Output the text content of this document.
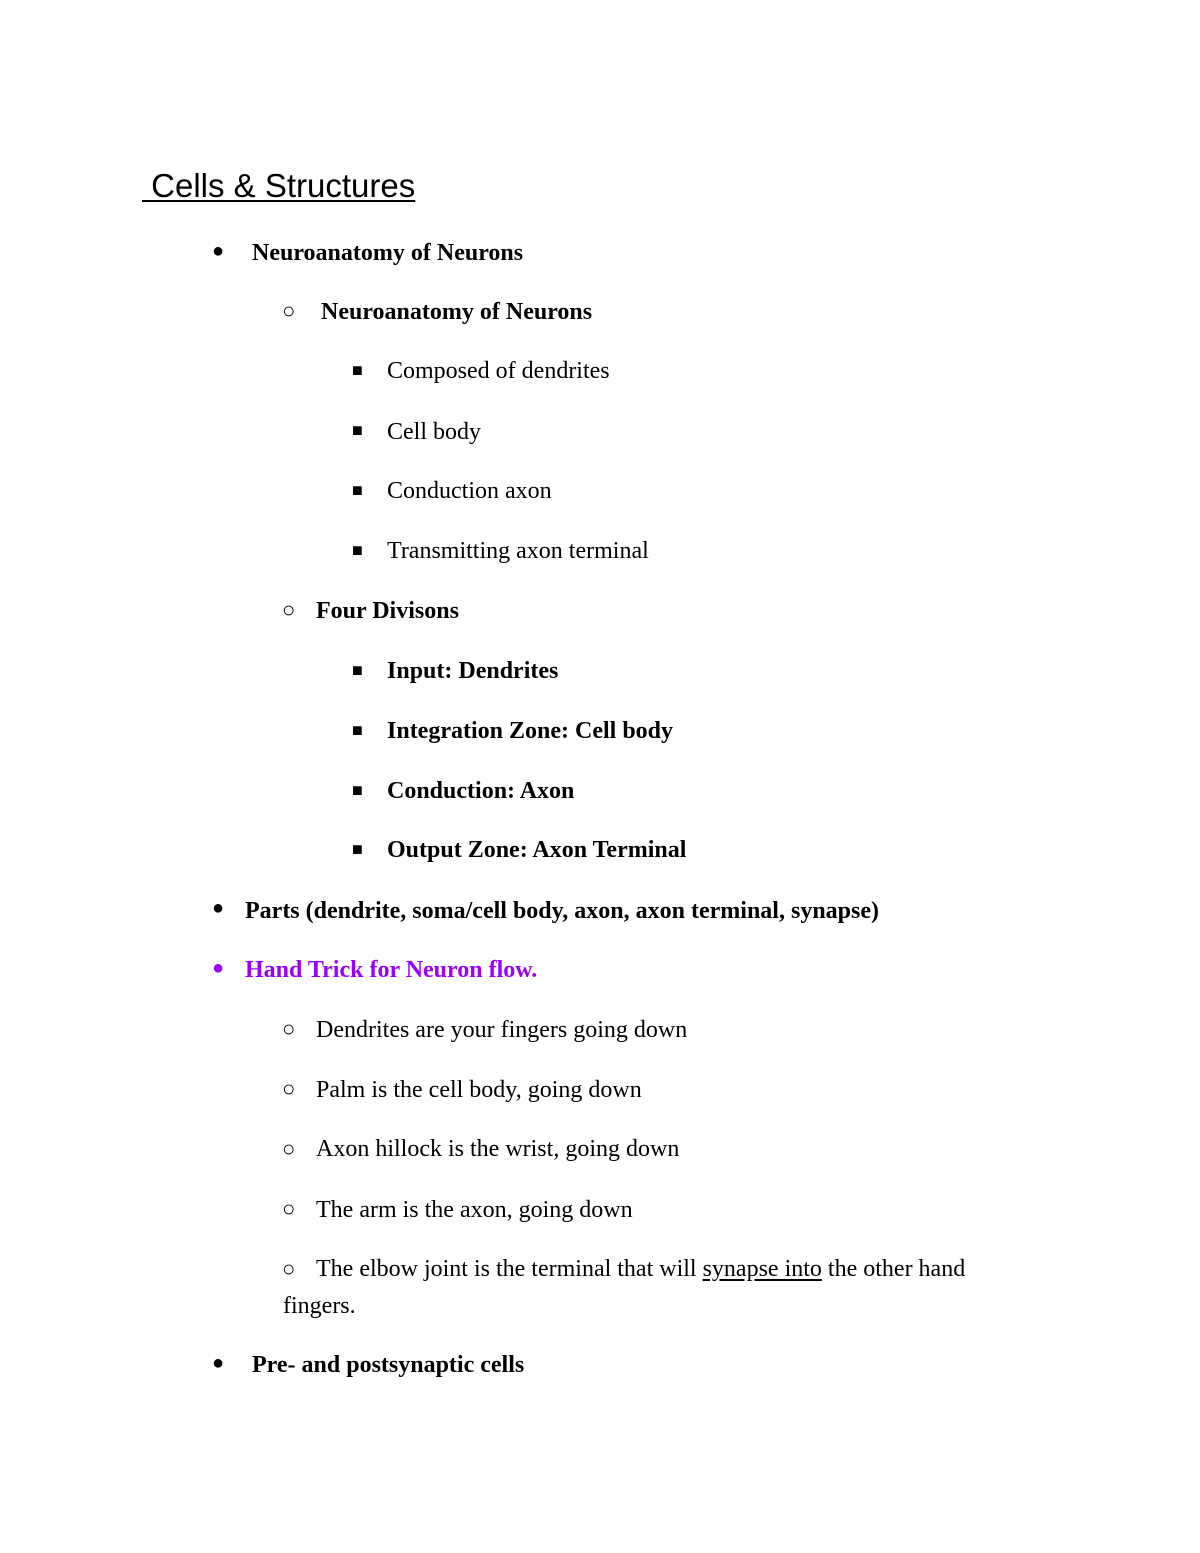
Cells & Structures
● Neuroanatomy of Neurons
○ Neuroanatomy of Neurons
■ Composed of dendrites
■ Cell body
■ Conduction axon
■ Transmitting axon terminal
○ Four Divisons
■ Input: Dendrites
■ Integration Zone: Cell body
■ Conduction: Axon
■ Output Zone: Axon Terminal
● Parts (dendrite, soma/cell body, axon, axon terminal, synapse)
● Hand Trick for Neuron flow.
○ Dendrites are your fingers going down
○ Palm is the cell body, going down
○ Axon hillock is the wrist, going down
○ The arm is the axon, going down
○ The elbow joint is the terminal that will synapse into the other hand
fingers.
● Pre- and postsynaptic cells
